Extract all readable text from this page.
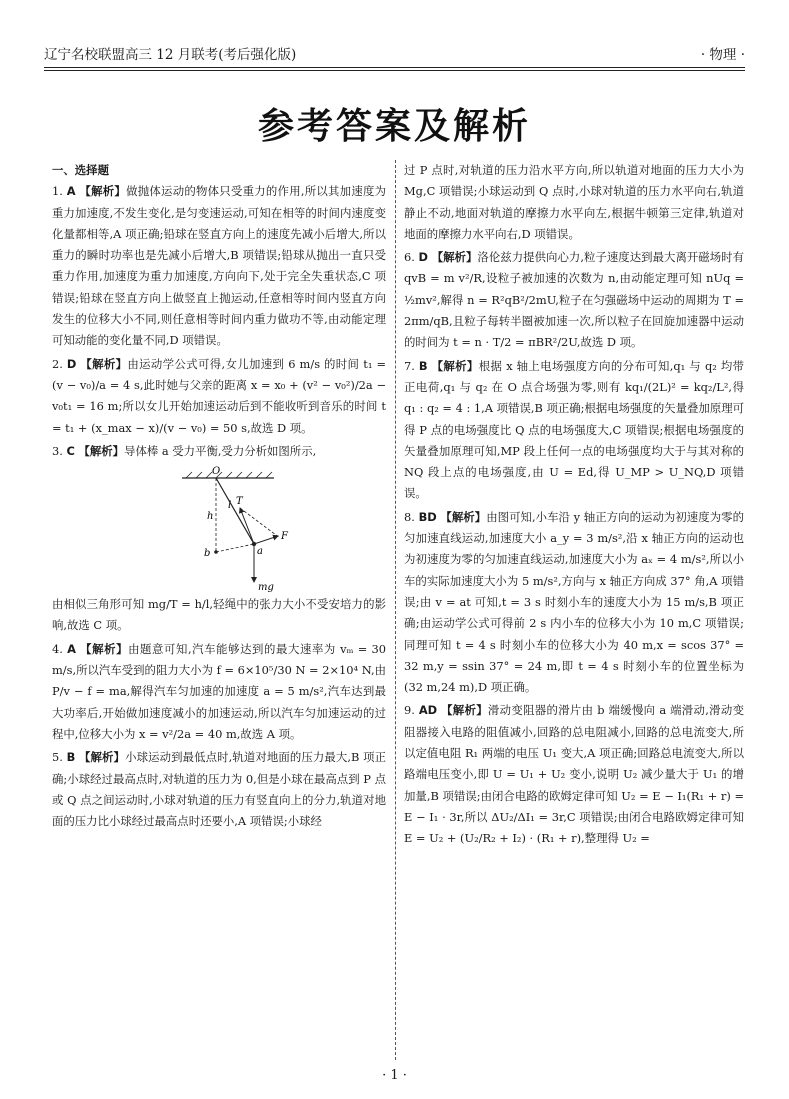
辽宁名校联盟高三 12 月联考(考后强化版)	· 物理 ·
参考答案及解析
一、选择题
1. A 【解析】做抛体运动的物体只受重力的作用,所以其加速度为重力加速度,不发生变化,是匀变速运动,可知在相等的时间内速度变化量都相等,A 项正确;铅球在竖直方向上的速度先减小后增大,所以重力的瞬时功率也是先减小后增大,B 项错误;铅球从抛出一直只受重力作用,加速度为重力加速度,方向向下,处于完全失重状态,C 项错误;铅球在竖直方向上做竖直上抛运动,任意相等时间内竖直方向发生的位移大小不同,则任意相等时间内重力做功不等,由动能定理可知动能的变化量不同,D 项错误。
2. D 【解析】由运动学公式可得,女儿加速到 6 m/s 的时间 t₁ = (v − v₀)/a = 4 s,此时她与父亲的距离 x = x₀ + (v² − v₀²)/2a − v₀t₁ = 16 m;所以女儿开始加速运动后到不能收听到音乐的时间 t = t₁ + (x_max − x)/(v − v₀) = 50 s,故选 D 项。
3. C 【解析】导体棒 a 受力平衡,受力分析如图所示,
O
h
l T
a
F
b
mg
由相似三角形可知 mg/T = h/l,轻绳中的张力大小不受安培力的影响,故选 C 项。
4. A 【解析】由题意可知,汽车能够达到的最大速率为 vₘ = 30 m/s,所以汽车受到的阻力大小为 f = 6×10⁵/30 N = 2×10⁴ N,由 P/v − f = ma,解得汽车匀加速的加速度 a = 5 m/s²,汽车达到最大功率后,开始做加速度减小的加速运动,所以汽车匀加速运动的过程中,位移大小为 x = v²/2a = 40 m,故选 A 项。
5. B 【解析】小球运动到最低点时,轨道对地面的压力最大,B 项正确;小球经过最高点时,对轨道的压力为 0,但是小球在最高点到 P 点或 Q 点之间运动时,小球对轨道的压力有竖直向上的分力,轨道对地面的压力比小球经过最高点时还要小,A 项错误;小球经
过 P 点时,对轨道的压力沿水平方向,所以轨道对地面的压力大小为 Mg,C 项错误;小球运动到 Q 点时,小球对轨道的压力水平向右,轨道静止不动,地面对轨道的摩擦力水平向左,根据牛顿第三定律,轨道对地面的摩擦力水平向右,D 项错误。
6. D 【解析】洛伦兹力提供向心力,粒子速度达到最大离开磁场时有 qvB = m v²/R,设粒子被加速的次数为 n,由动能定理可知 nUq = ½mv²,解得 n = R²qB²/2mU,粒子在匀强磁场中运动的周期为 T = 2πm/qB,且粒子每转半圈被加速一次,所以粒子在回旋加速器中运动的时间为 t = n · T/2 = πBR²/2U,故选 D 项。
7. B 【解析】根据 x 轴上电场强度方向的分布可知,q₁ 与 q₂ 均带正电荷,q₁ 与 q₂ 在 O 点合场强为零,则有 kq₁/(2L)² = kq₂/L²,得 q₁ : q₂ = 4 : 1,A 项错误,B 项正确;根据电场强度的矢量叠加原理可得 P 点的电场强度比 Q 点的电场强度大,C 项错误;根据电场强度的矢量叠加原理可知,MP 段上任何一点的电场强度均大于与其对称的 NQ 段上点的电场强度,由 U = Ed,得 U_MP > U_NQ,D 项错误。
8. BD 【解析】由图可知,小车沿 y 轴正方向的运动为初速度为零的匀加速直线运动,加速度大小 a_y = 3 m/s²,沿 x 轴正方向的运动也为初速度为零的匀加速直线运动,加速度大小为 aₓ = 4 m/s²,所以小车的实际加速度大小为 5 m/s²,方向与 x 轴正方向成 37° 角,A 项错误;由 v = at 可知,t = 3 s 时刻小车的速度大小为 15 m/s,B 项正确;由运动学公式可得前 2 s 内小车的位移大小为 10 m,C 项错误;同理可知 t = 4 s 时刻小车的位移大小为 40 m,x = scos 37° = 32 m,y = ssin 37° = 24 m,即 t = 4 s 时刻小车的位置坐标为(32 m,24 m),D 项正确。
9. AD 【解析】滑动变阻器的滑片由 b 端缓慢向 a 端滑动,滑动变阻器接入电路的阻值减小,回路的总电阻减小,回路的总电流变大,所以定值电阻 R₁ 两端的电压 U₁ 变大,A 项正确;回路总电流变大,所以路端电压变小,即 U = U₁ + U₂ 变小,说明 U₂ 减少量大于 U₁ 的增加量,B 项错误;由闭合电路的欧姆定律可知 U₂ = E − I₁(R₁ + r) = E − I₁ · 3r,所以 ΔU₂/ΔI₁ = 3r,C 项错误;由闭合电路欧姆定律可知 E = U₂ + (U₂/R₂ + I₂) · (R₁ + r),整理得 U₂ =
· 1 ·
